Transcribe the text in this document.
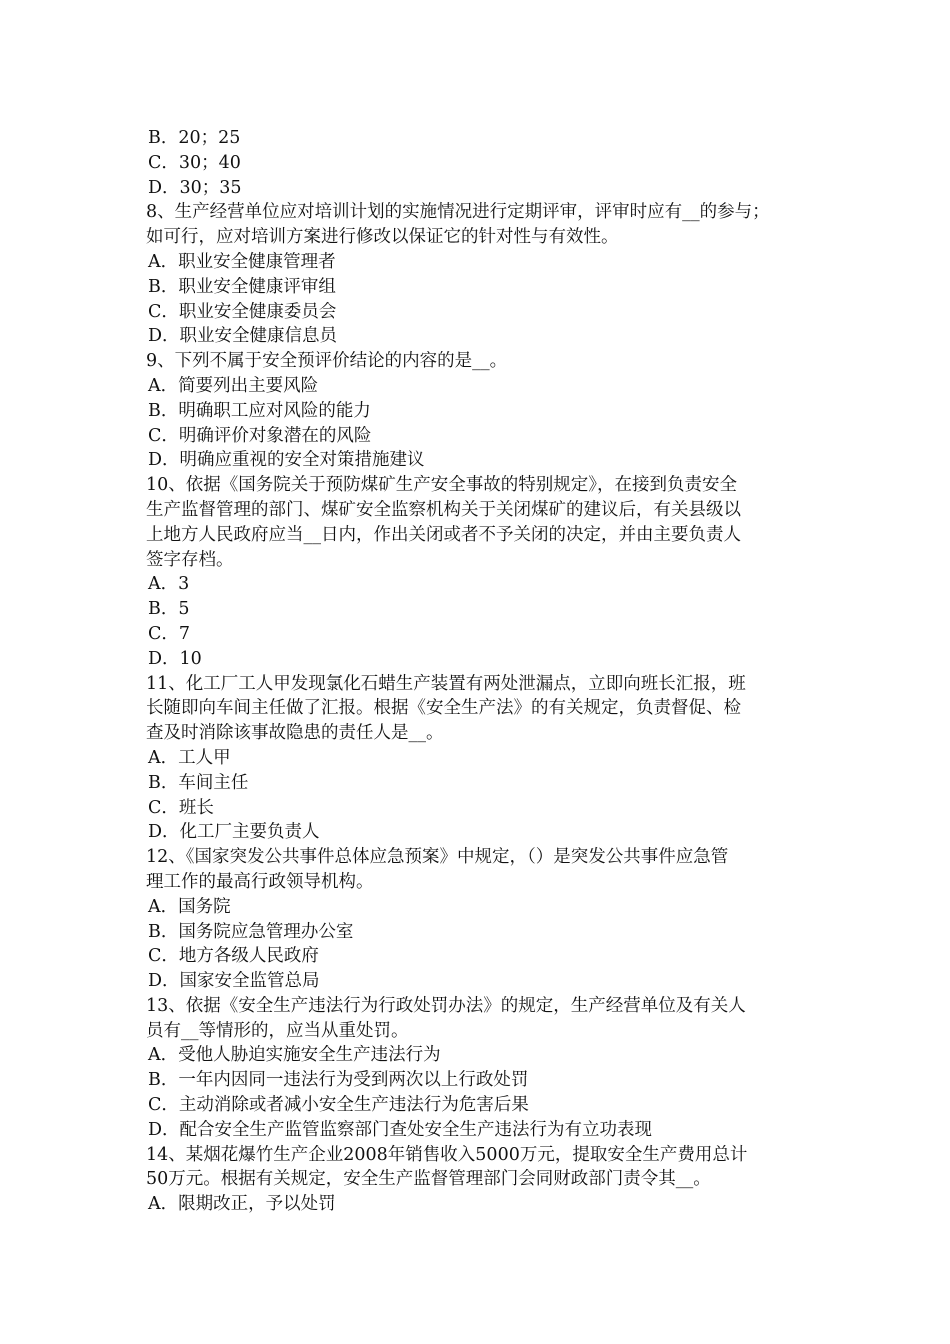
B．20；25
C．30；40
D．30；35
8、生产经营单位应对培训计划的实施情况进行定期评审，评审时应有__的参与；
如可行，应对培训方案进行修改以保证它的针对性与有效性。
A．职业安全健康管理者
B．职业安全健康评审组
C．职业安全健康委员会
D．职业安全健康信息员
9、下列不属于安全预评价结论的内容的是__。
A．简要列出主要风险
B．明确职工应对风险的能力
C．明确评价对象潜在的风险
D．明确应重视的安全对策措施建议
10、依据《国务院关于预防煤矿生产安全事故的特别规定》，在接到负责安全
生产监督管理的部门、煤矿安全监察机构关于关闭煤矿的建议后，有关县级以
上地方人民政府应当__日内，作出关闭或者不予关闭的决定，并由主要负责人
签字存档。
A．3
B．5
C．7
D．10
11、化工厂工人甲发现氯化石蜡生产装置有两处泄漏点，立即向班长汇报，班
长随即向车间主任做了汇报。根据《安全生产法》的有关规定，负责督促、检
查及时消除该事故隐患的责任人是__。
A．工人甲
B．车间主任
C．班长
D．化工厂主要负责人
12、《国家突发公共事件总体应急预案》中规定，（）是突发公共事件应急管
理工作的最高行政领导机构。
A．国务院
B．国务院应急管理办公室
C．地方各级人民政府
D．国家安全监管总局
13、依据《安全生产违法行为行政处罚办法》的规定，生产经营单位及有关人
员有__等情形的，应当从重处罚。
A．受他人胁迫实施安全生产违法行为
B．一年内因同一违法行为受到两次以上行政处罚
C．主动消除或者减小安全生产违法行为危害后果
D．配合安全生产监管监察部门查处安全生产违法行为有立功表现
14、某烟花爆竹生产企业2008年销售收入5000万元，提取安全生产费用总计
50万元。根据有关规定，安全生产监督管理部门会同财政部门责令其__。
A．限期改正，予以处罚
